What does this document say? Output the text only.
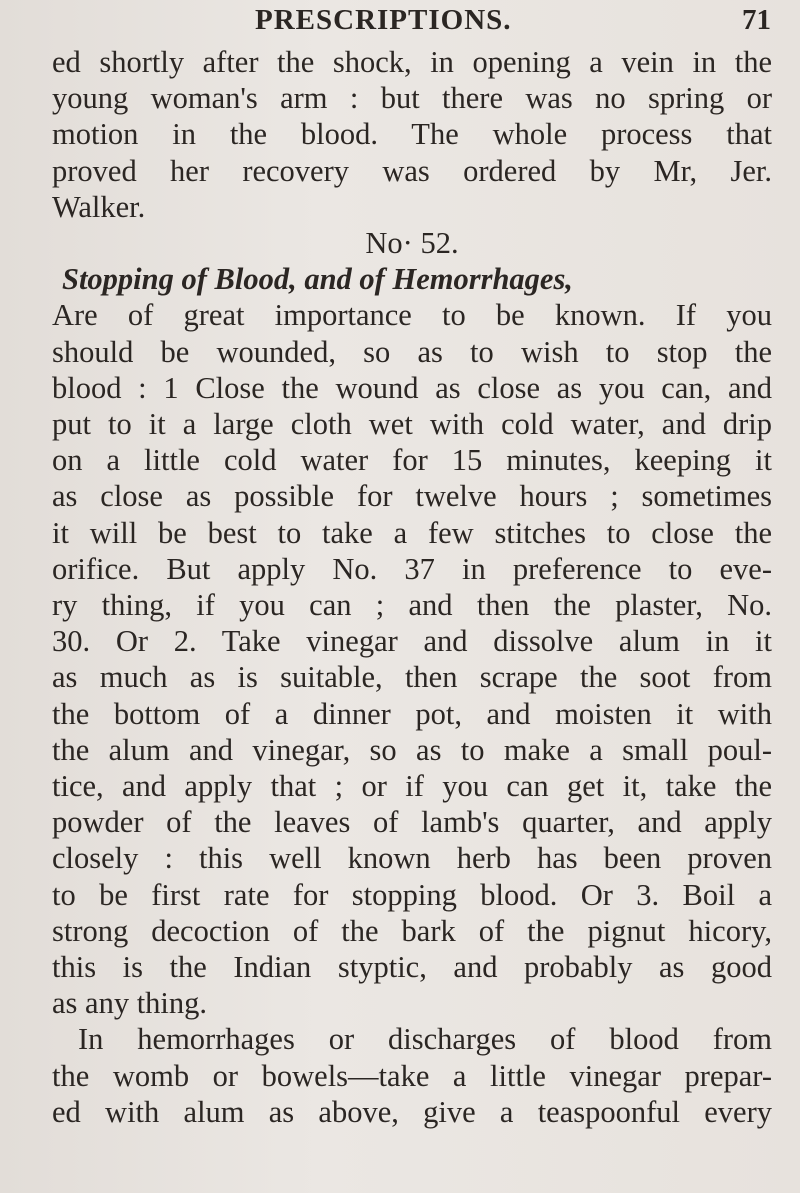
PRESCRIPTIONS.	71
ed shortly after the shock, in opening a vein in the
young woman's arm : but there was no spring or
motion in the blood. The whole process that
proved her recovery was ordered by Mr, Jer.
Walker.
No· 52.
Stopping of Blood, and of Hemorrhages,
Are of great importance to be known. If you
should be wounded, so as to wish to stop the
blood : 1 Close the wound as close as you can, and
put to it a large cloth wet with cold water, and drip
on a little cold water for 15 minutes, keeping it
as close as possible for twelve hours ; sometimes
it will be best to take a few stitches to close the
orifice. But apply No. 37 in preference to eve-
ry thing, if you can ; and then the plaster, No.
30. Or 2. Take vinegar and dissolve alum in it
as much as is suitable, then scrape the soot from
the bottom of a dinner pot, and moisten it with
the alum and vinegar, so as to make a small poul-
tice, and apply that ; or if you can get it, take the
powder of the leaves of lamb's quarter, and apply
closely : this well known herb has been proven
to be first rate for stopping blood. Or 3. Boil a
strong decoction of the bark of the pignut hicory,
this is the Indian styptic, and probably as good
as any thing.
In hemorrhages or discharges of blood from
the womb or bowels—take a little vinegar prepar-
ed with alum as above, give a teaspoonful every
